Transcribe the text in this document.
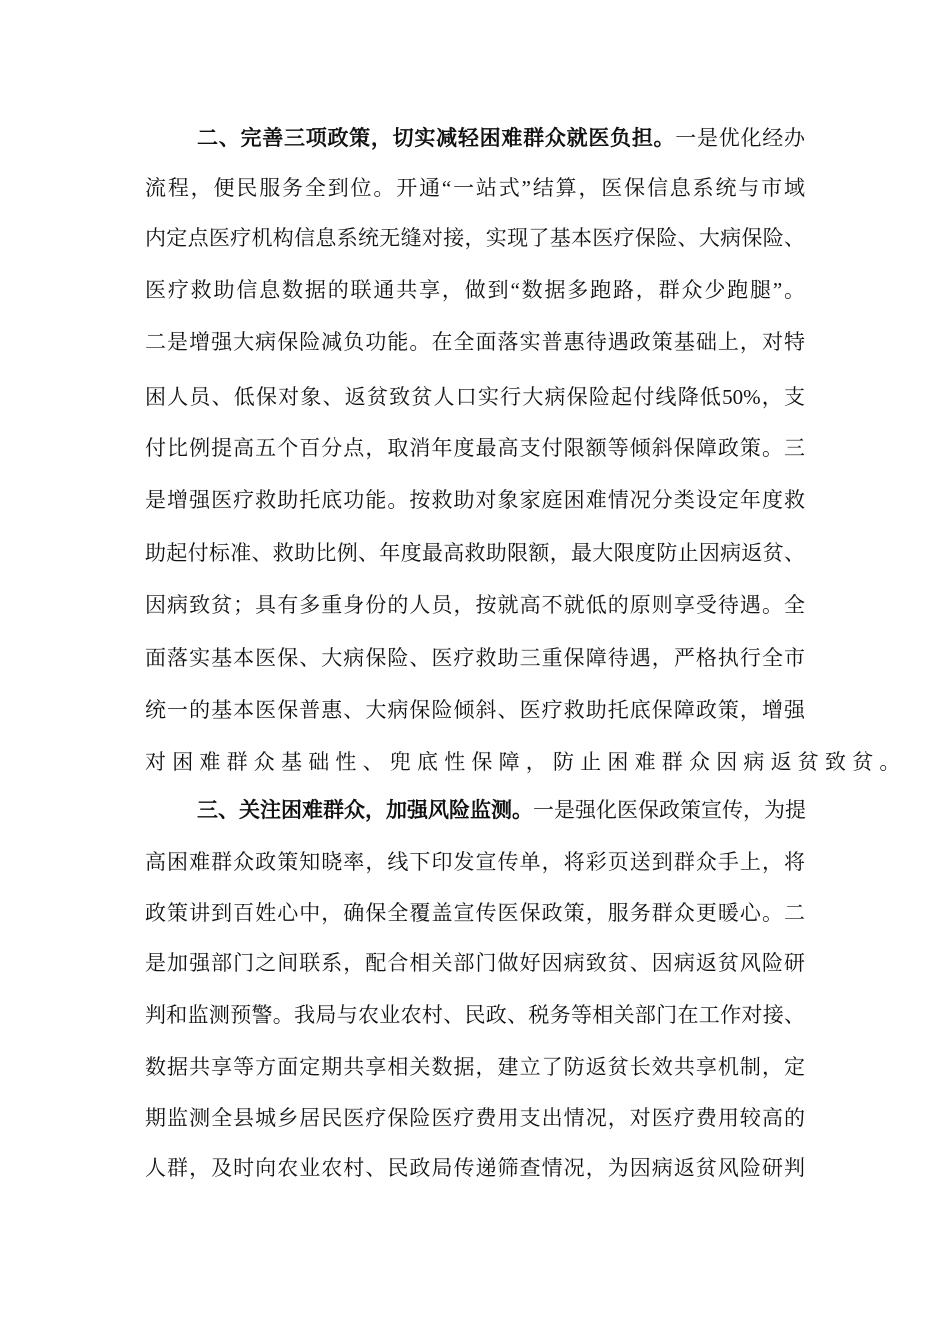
二、完善三项政策，切实减轻困难群众就医负担。一是优化经办
流程，便民服务全到位。开通“一站式”结算，医保信息系统与市域
内定点医疗机构信息系统无缝对接，实现了基本医疗保险、大病保险、
医疗救助信息数据的联通共享，做到“数据多跑路，群众少跑腿”。
二是增强大病保险减负功能。在全面落实普惠待遇政策基础上，对特
困人员、低保对象、返贫致贫人口实行大病保险起付线降低50%，支
付比例提高五个百分点，取消年度最高支付限额等倾斜保障政策。三
是增强医疗救助托底功能。按救助对象家庭困难情况分类设定年度救
助起付标准、救助比例、年度最高救助限额，最大限度防止因病返贫、
因病致贫；具有多重身份的人员，按就高不就低的原则享受待遇。全
面落实基本医保、大病保险、医疗救助三重保障待遇，严格执行全市
统一的基本医保普惠、大病保险倾斜、医疗救助托底保障政策，增强
对困难群众基础性、兜底性保障，防止困难群众因病返贫致贫。
三、关注困难群众，加强风险监测。一是强化医保政策宣传，为提
高困难群众政策知晓率，线下印发宣传单，将彩页送到群众手上，将
政策讲到百姓心中，确保全覆盖宣传医保政策，服务群众更暖心。二
是加强部门之间联系，配合相关部门做好因病致贫、因病返贫风险研
判和监测预警。我局与农业农村、民政、税务等相关部门在工作对接、
数据共享等方面定期共享相关数据，建立了防返贫长效共享机制，定
期监测全县城乡居民医疗保险医疗费用支出情况，对医疗费用较高的
人群，及时向农业农村、民政局传递筛查情况，为因病返贫风险研判
